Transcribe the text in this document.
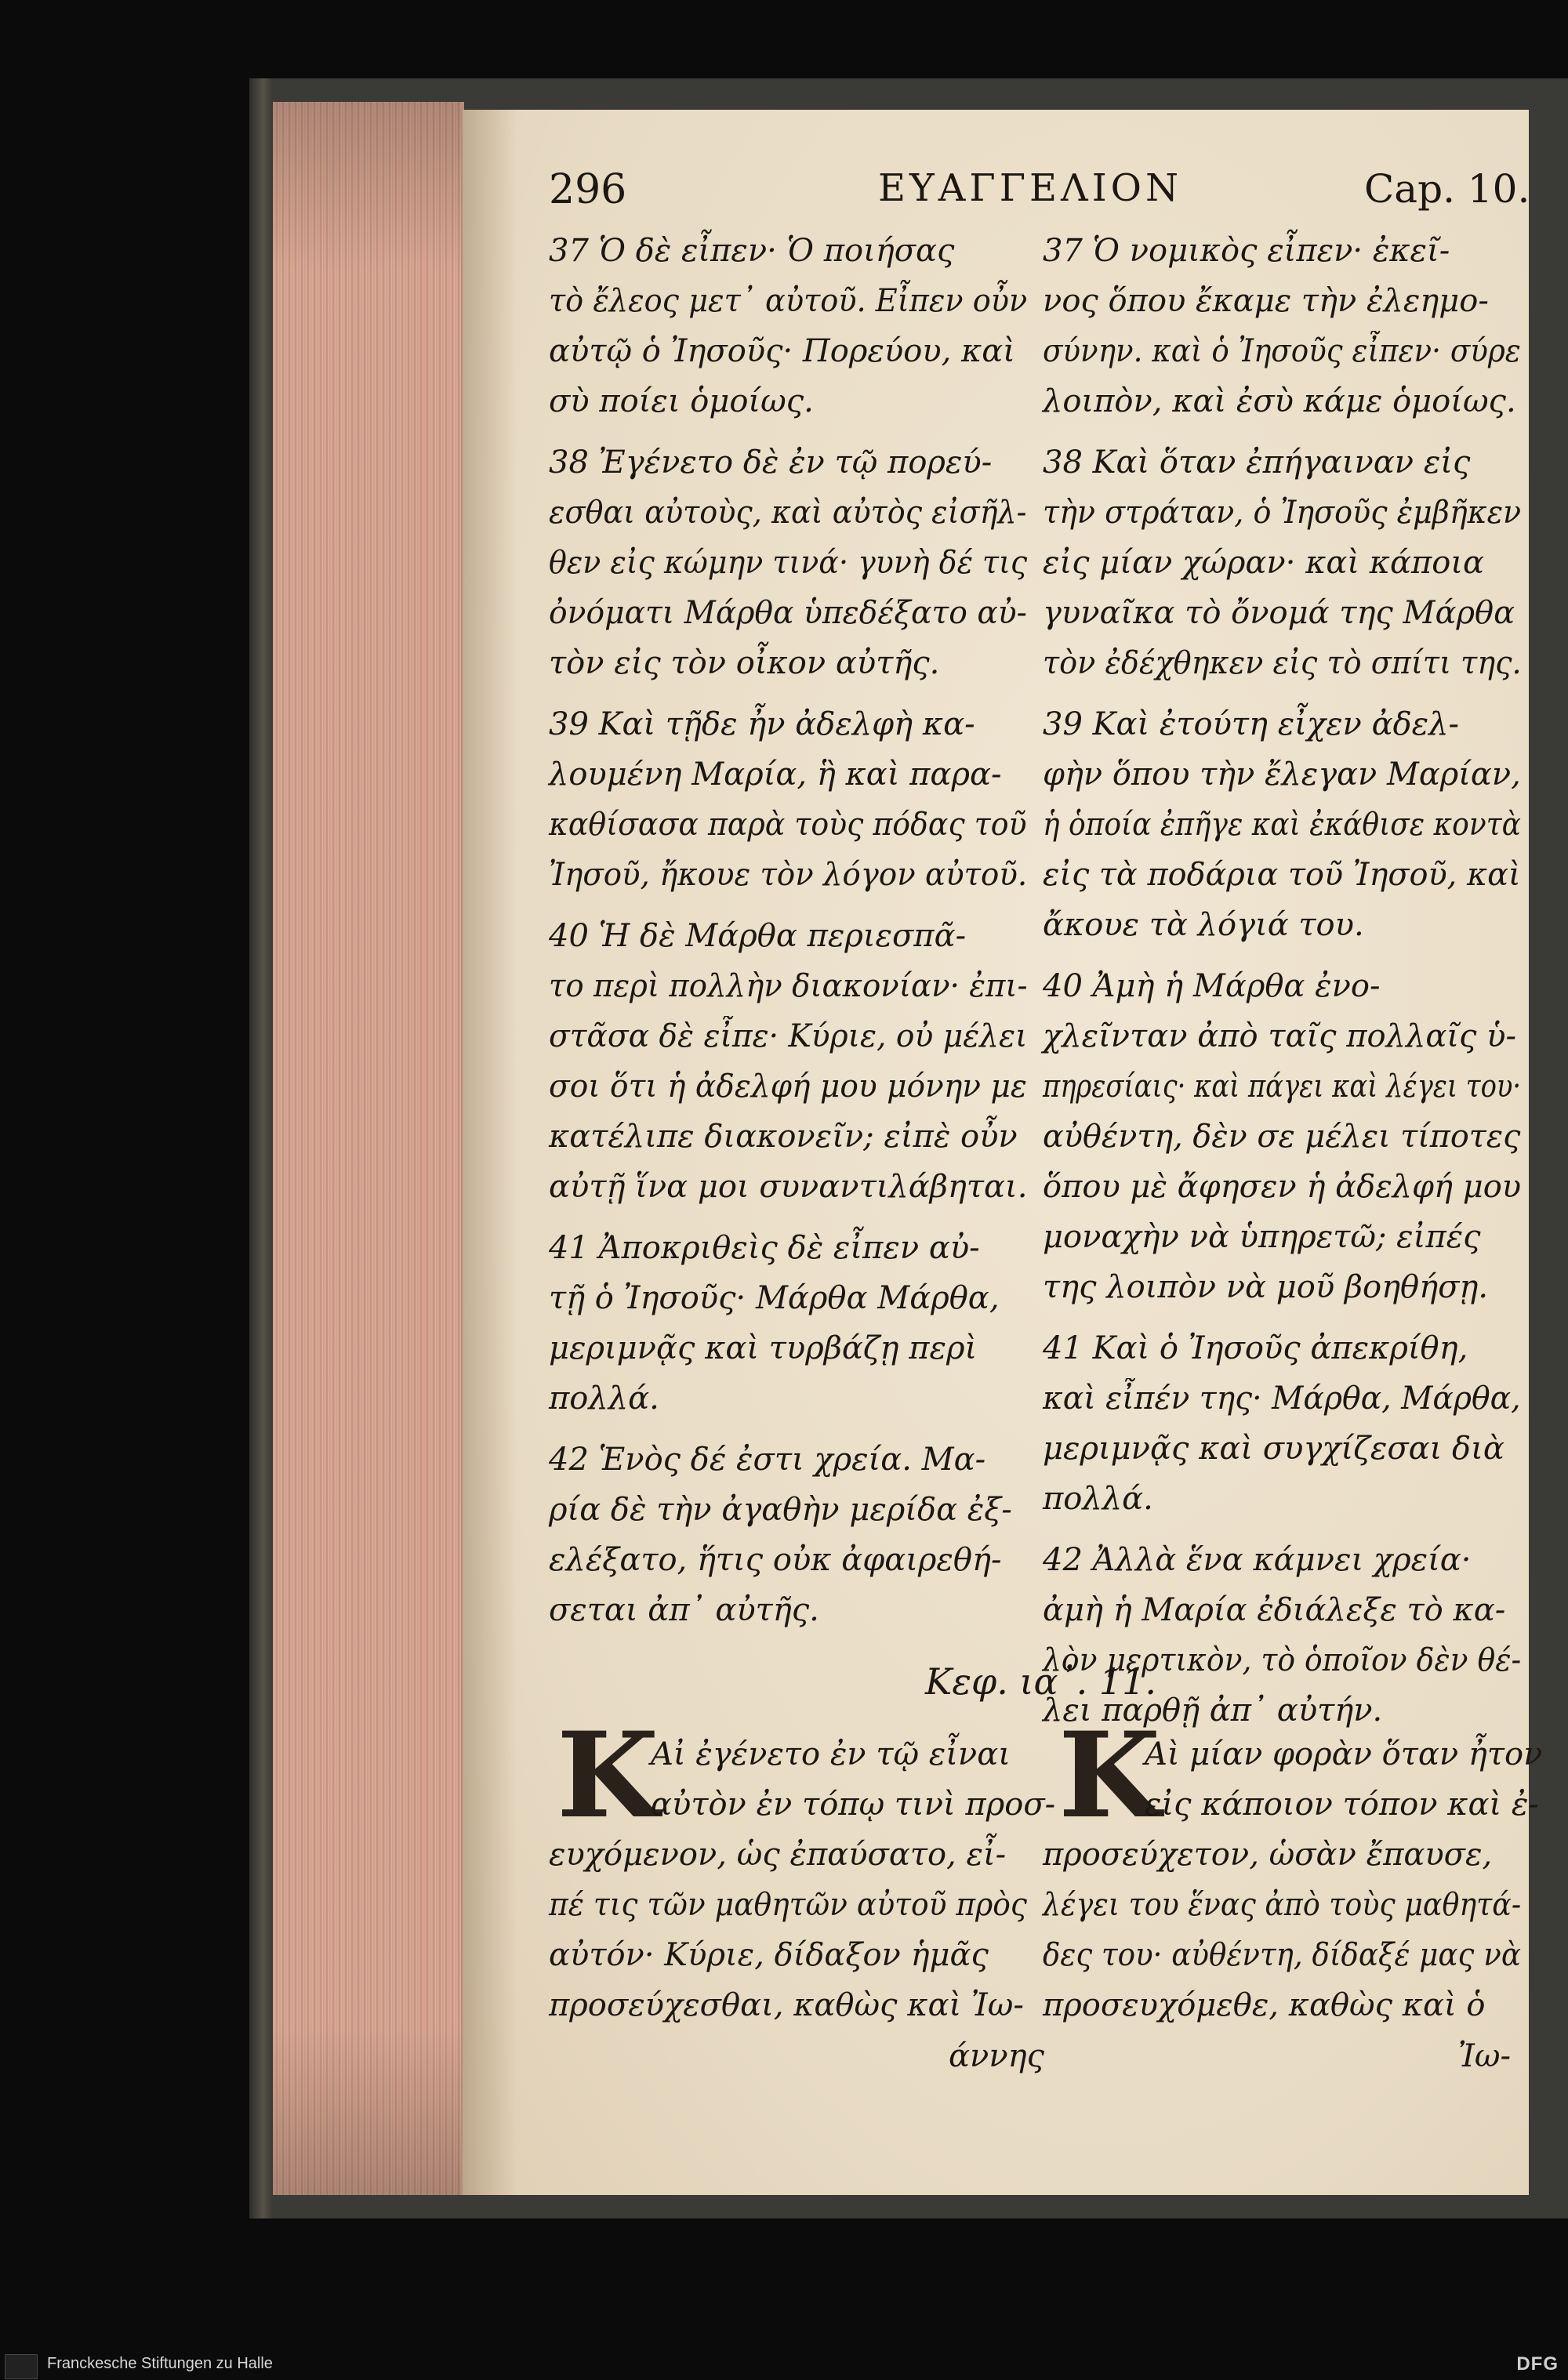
296	ΕΥΑΓΓΕΛΙΟΝ	Cap. 10.
37 Ὁ δὲ εἶπεν· Ὁ ποιήσας
τὸ ἔλεος μετ᾽ αὐτοῦ. Εἶπεν οὖν
αὐτῷ ὁ Ἰησοῦς· Πορεύου, καὶ
σὺ ποίει ὁμοίως.
38 Ἐγένετο δὲ ἐν τῷ πορεύ-
εσθαι αὐτοὺς, καὶ αὐτὸς εἰσῆλ-
θεν εἰς κώμην τινά· γυνὴ δέ τις
ὀνόματι Μάρθα ὑπεδέξατο αὐ-
τὸν εἰς τὸν οἶκον αὐτῆς.
39 Καὶ τῇδε ἦν ἀδελφὴ κα-
λουμένη Μαρία, ἣ καὶ παρα-
καθίσασα παρὰ τοὺς πόδας τοῦ
Ἰησοῦ, ἤκουε τὸν λόγον αὐτοῦ.
40 Ἡ δὲ Μάρθα περιεσπᾶ-
το περὶ πολλὴν διακονίαν· ἐπι-
στᾶσα δὲ εἶπε· Κύριε, οὐ μέλει
σοι ὅτι ἡ ἀδελφή μου μόνην με
κατέλιπε διακονεῖν; εἰπὲ οὖν
αὐτῇ ἵνα μοι συναντιλάβηται.
41 Ἀποκριθεὶς δὲ εἶπεν αὐ-
τῇ ὁ Ἰησοῦς· Μάρθα Μάρθα,
μεριμνᾷς καὶ τυρβάζῃ περὶ
πολλά.
42 Ἑνὸς δέ ἐστι χρεία. Μα-
ρία δὲ τὴν ἀγαθὴν μερίδα ἐξ-
ελέξατο, ἥτις οὐκ ἀφαιρεθή-
σεται ἀπ᾽ αὐτῆς.
37 Ὁ νομικὸς εἶπεν· ἐκεῖ-
νος ὅπου ἔκαμε τὴν ἐλεημο-
σύνην. καὶ ὁ Ἰησοῦς εἶπεν· σύρε
λοιπὸν, καὶ ἐσὺ κάμε ὁμοίως.
38 Καὶ ὅταν ἐπήγαιναν εἰς
τὴν στράταν, ὁ Ἰησοῦς ἐμβῆκεν
εἰς μίαν χώραν· καὶ κάποια
γυναῖκα τὸ ὄνομά της Μάρθα
τὸν ἐδέχθηκεν εἰς τὸ σπίτι της.
39 Καὶ ἐτούτη εἶχεν ἀδελ-
φὴν ὅπου τὴν ἔλεγαν Μαρίαν,
ἡ ὁποία ἐπῆγε καὶ ἐκάθισε κοντὰ
εἰς τὰ ποδάρια τοῦ Ἰησοῦ, καὶ
ἄκουε τὰ λόγιά του.
40 Ἀμὴ ἡ Μάρθα ἐνο-
χλεῖνταν ἀπὸ ταῖς πολλαῖς ὑ-
πηρεσίαις· καὶ πάγει καὶ λέγει του·
αὐθέντη, δὲν σε μέλει τίποτες
ὅπου μὲ ἄφησεν ἡ ἀδελφή μου
μοναχὴν νὰ ὑπηρετῶ; εἰπές
της λοιπὸν νὰ μοῦ βοηθήσῃ.
41 Καὶ ὁ Ἰησοῦς ἀπεκρίθη,
καὶ εἶπέν της· Μάρθα, Μάρθα,
μεριμνᾷς καὶ συγχίζεσαι διὰ
πολλά.
42 Ἀλλὰ ἕνα κάμνει χρεία·
ἀμὴ ἡ Μαρία ἐδιάλεξε τὸ κα-
λὸν μερτικὸν, τὸ ὁποῖον δὲν θέ-
λει παρθῇ ἀπ᾽ αὐτήν.
Κεφ. ια᾽. 11.
K	K
Αἰ ἐγένετο ἐν τῷ εἶναι
αὐτὸν ἐν τόπῳ τινὶ προσ-
ευχόμενον, ὡς ἐπαύσατο, εἶ-
πέ τις τῶν μαθητῶν αὐτοῦ πρὸς
αὐτόν· Κύριε, δίδαξον ἡμᾶς
προσεύχεσθαι, καθὼς καὶ Ἰω-
Αὶ μίαν φορὰν ὅταν ἦτον
εἰς κάποιον τόπον καὶ ἐ-
προσεύχετον, ὡσὰν ἔπαυσε,
λέγει του ἕνας ἀπὸ τοὺς μαθητά-
δες του· αὐθέντη, δίδαξέ μας νὰ
προσευχόμεθε, καθὼς καὶ ὁ
άννης	Ἰω-
Franckesche Stiftungen zu Halle	DFG
